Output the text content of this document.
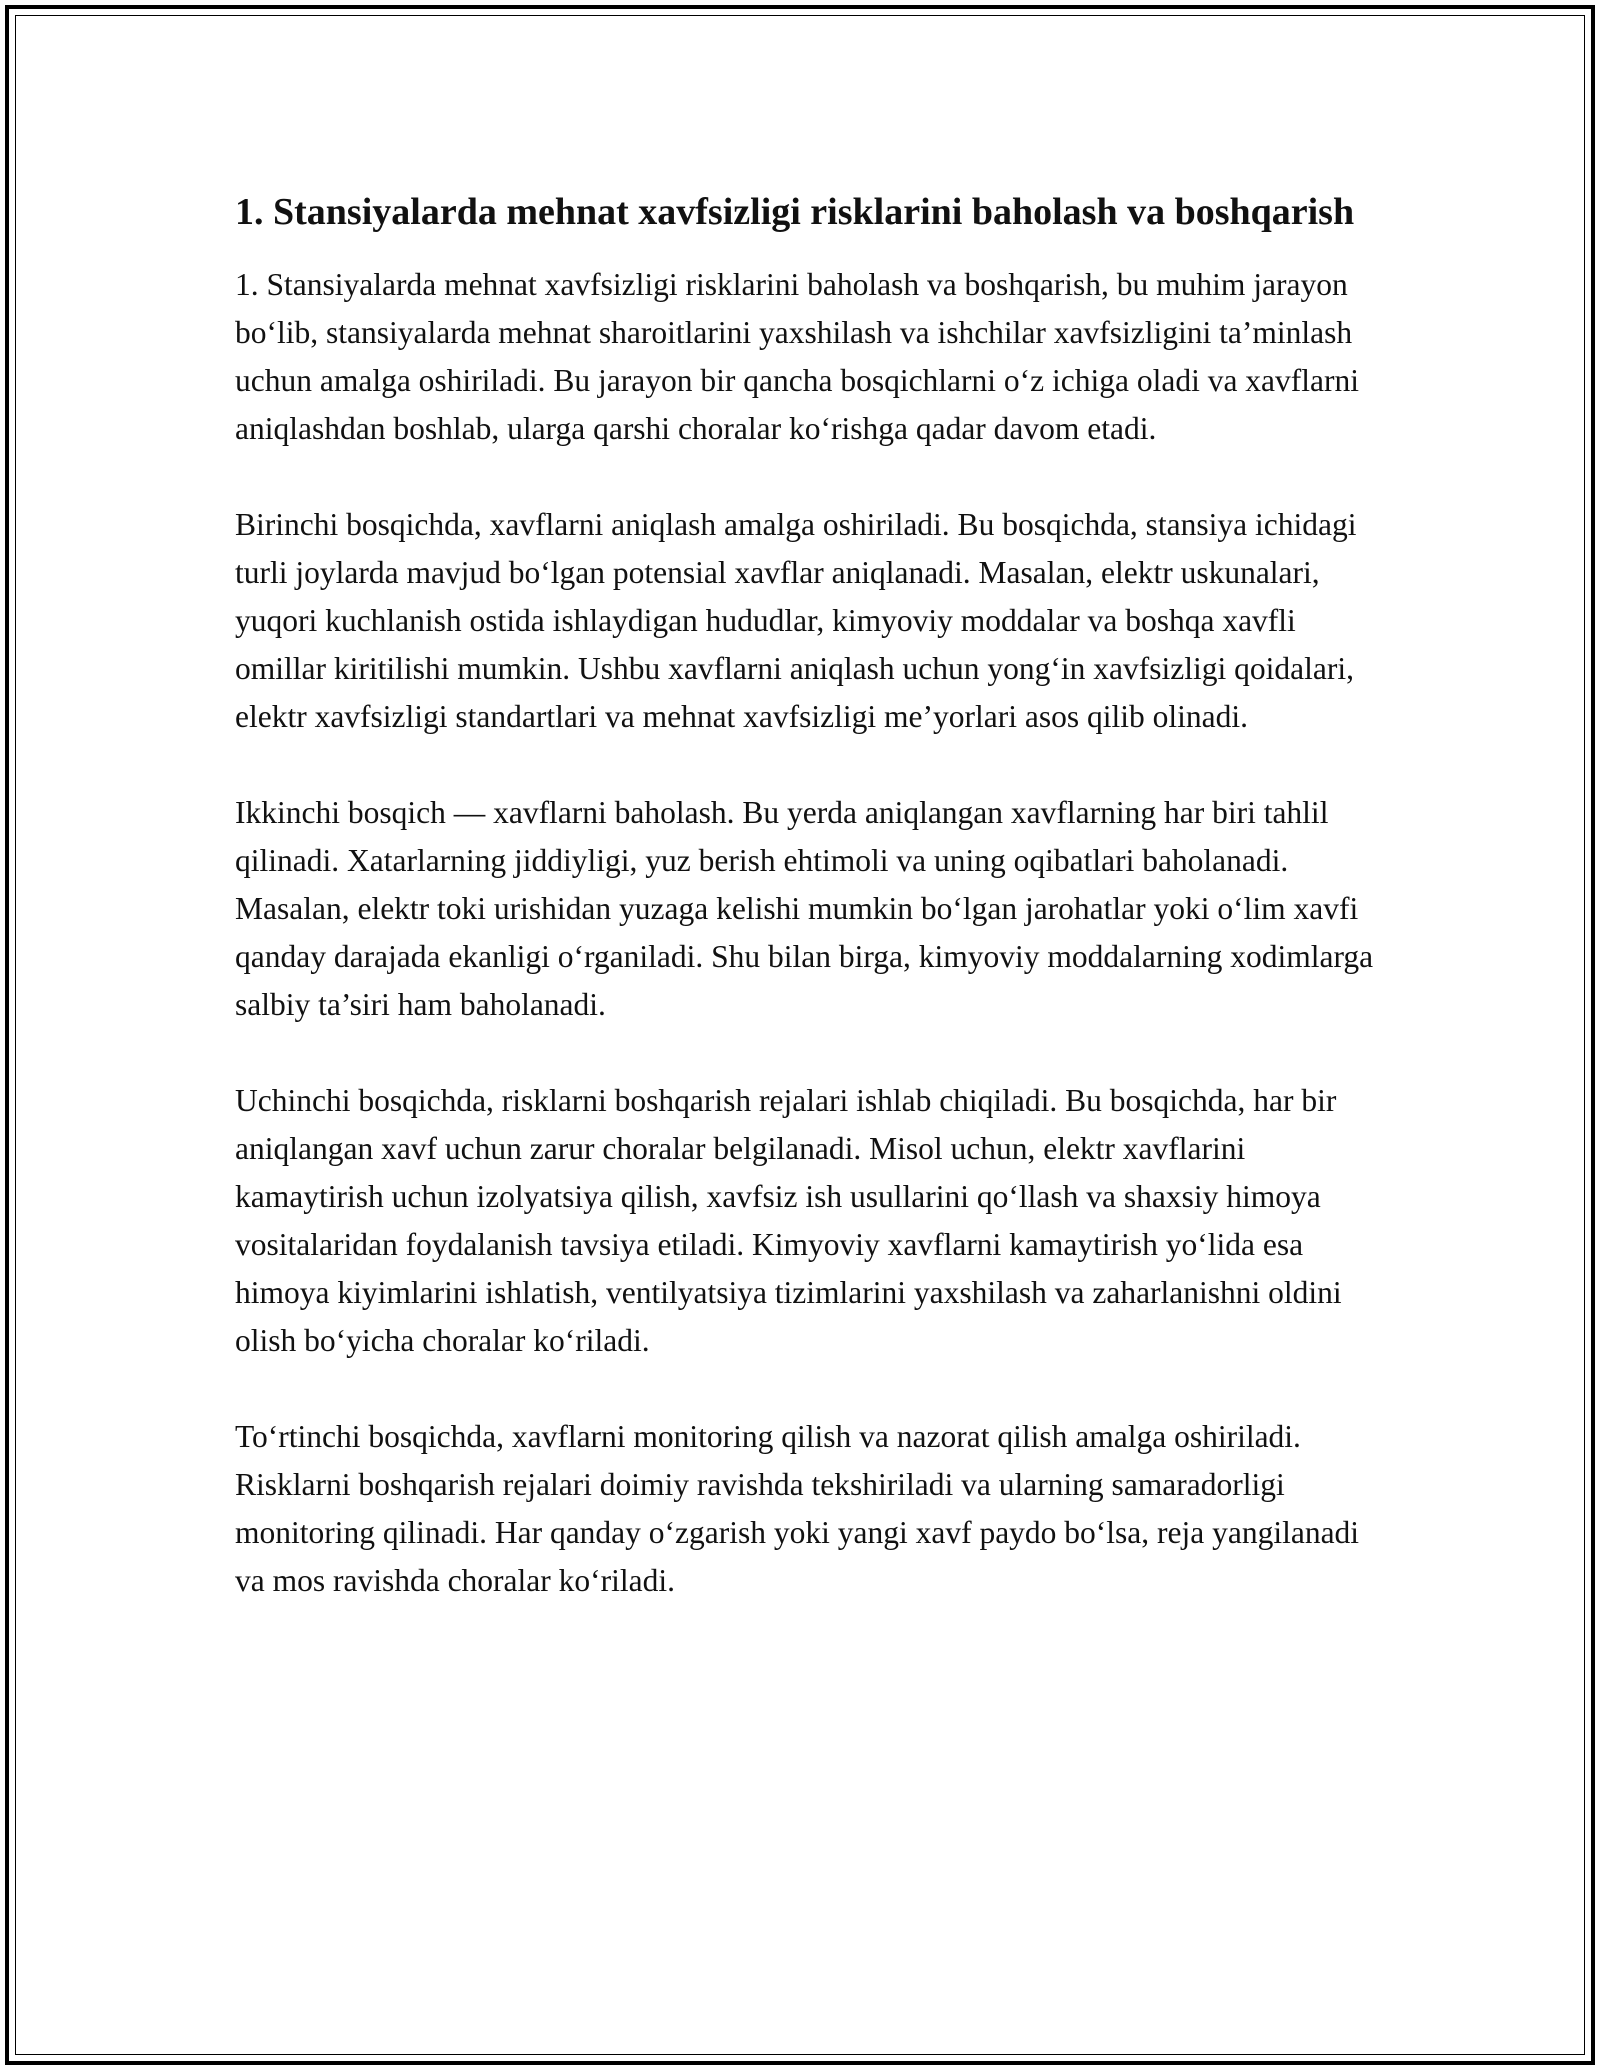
1. Stansiyalarda mehnat xavfsizligi risklarini baholash va boshqarish

1. Stansiyalarda mehnat xavfsizligi risklarini baholash va boshqarish, bu muhim jarayon bo‘lib, stansiyalarda mehnat sharoitlarini yaxshilash va ishchilar xavfsizligini ta’minlash uchun amalga oshiriladi. Bu jarayon bir qancha bosqichlarni o‘z ichiga oladi va xavflarni aniqlashdan boshlab, ularga qarshi choralar ko‘rishga qadar davom etadi.

Birinchi bosqichda, xavflarni aniqlash amalga oshiriladi. Bu bosqichda, stansiya ichidagi turli joylarda mavjud bo‘lgan potensial xavflar aniqlanadi. Masalan, elektr uskunalari, yuqori kuchlanish ostida ishlaydigan hududlar, kimyoviy moddalar va boshqa xavfli omillar kiritilishi mumkin. Ushbu xavflarni aniqlash uchun yong‘in xavfsizligi qoidalari, elektr xavfsizligi standartlari va mehnat xavfsizligi me’yorlari asos qilib olinadi.

Ikkinchi bosqich — xavflarni baholash. Bu yerda aniqlangan xavflarning har biri tahlil qilinadi. Xatarlarning jiddiyligi, yuz berish ehtimoli va uning oqibatlari baholanadi. Masalan, elektr toki urishidan yuzaga kelishi mumkin bo‘lgan jarohatlar yoki o‘lim xavfi qanday darajada ekanligi o‘rganiladi. Shu bilan birga, kimyoviy moddalarning xodimlarga salbiy ta’siri ham baholanadi.

Uchinchi bosqichda, risklarni boshqarish rejalari ishlab chiqiladi. Bu bosqichda, har bir aniqlangan xavf uchun zarur choralar belgilanadi. Misol uchun, elektr xavflarini kamaytirish uchun izolyatsiya qilish, xavfsiz ish usullarini qo‘llash va shaxsiy himoya vositalaridan foydalanish tavsiya etiladi. Kimyoviy xavflarni kamaytirish yo‘lida esa himoya kiyimlarini ishlatish, ventilyatsiya tizimlarini yaxshilash va zaharlanishni oldini olish bo‘yicha choralar ko‘riladi.

To‘rtinchi bosqichda, xavflarni monitoring qilish va nazorat qilish amalga oshiriladi. Risklarni boshqarish rejalari doimiy ravishda tekshiriladi va ularning samaradorligi monitoring qilinadi. Har qanday o‘zgarish yoki yangi xavf paydo bo‘lsa, reja yangilanadi va mos ravishda choralar ko‘riladi.
